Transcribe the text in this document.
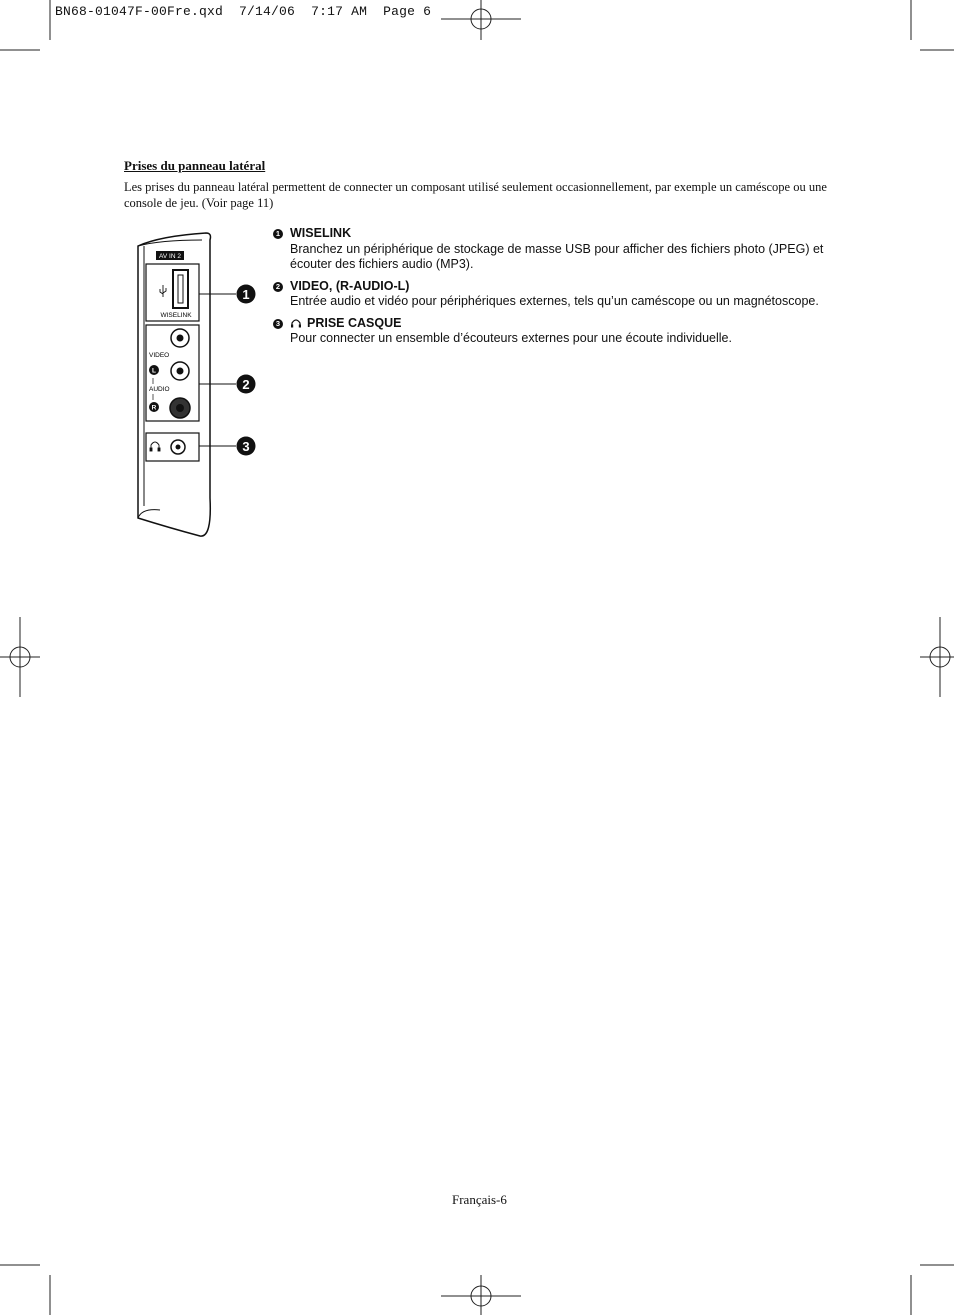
BN68-01047F-00Fre.qxd 7/14/06 7:17 AM Page 6
Prises du panneau latéral
Les prises du panneau latéral permettent de connecter un composant utilisé seulement occasionnellement, par exemple un caméscope ou une console de jeu. (Voir page 11)
AV IN 2
WISELINK
VIDEO
L
AUDIO
R
1
2
3
1 WISELINK
Branchez un périphérique de stockage de masse USB pour afficher des fichiers photo (JPEG) et écouter des fichiers audio (MP3).
2 VIDEO, (R-AUDIO-L)
Entrée audio et vidéo pour périphériques externes, tels qu’un caméscope ou un magnétoscope.
3 PRISE CASQUE
Pour connecter un ensemble d’écouteurs externes pour une écoute individuelle.
Français-6
